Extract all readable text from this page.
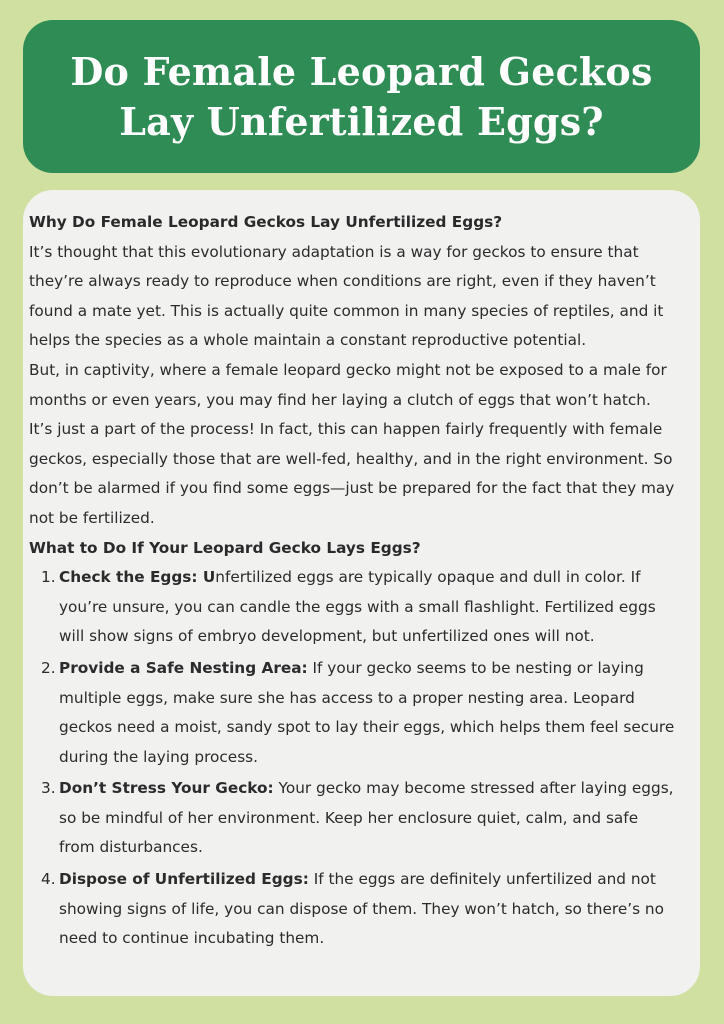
Do Female Leopard Geckos Lay Unfertilized Eggs?

Why Do Female Leopard Geckos Lay Unfertilized Eggs?

It’s thought that this evolutionary adaptation is a way for geckos to ensure that they’re always ready to reproduce when conditions are right, even if they haven’t found a mate yet. This is actually quite common in many species of reptiles, and it helps the species as a whole maintain a constant reproductive potential.

But, in captivity, where a female leopard gecko might not be exposed to a male for months or even years, you may find her laying a clutch of eggs that won’t hatch. It’s just a part of the process! In fact, this can happen fairly frequently with female geckos, especially those that are well-fed, healthy, and in the right environment. So don’t be alarmed if you find some eggs—just be prepared for the fact that they may not be fertilized.

What to Do If Your Leopard Gecko Lays Eggs?

1. Check the Eggs: Unfertilized eggs are typically opaque and dull in color. If you’re unsure, you can candle the eggs with a small flashlight. Fertilized eggs will show signs of embryo development, but unfertilized ones will not.
2. Provide a Safe Nesting Area: If your gecko seems to be nesting or laying multiple eggs, make sure she has access to a proper nesting area. Leopard geckos need a moist, sandy spot to lay their eggs, which helps them feel secure during the laying process.
3. Don’t Stress Your Gecko: Your gecko may become stressed after laying eggs, so be mindful of her environment. Keep her enclosure quiet, calm, and safe from disturbances.
4. Dispose of Unfertilized Eggs: If the eggs are definitely unfertilized and not showing signs of life, you can dispose of them. They won’t hatch, so there’s no need to continue incubating them.
